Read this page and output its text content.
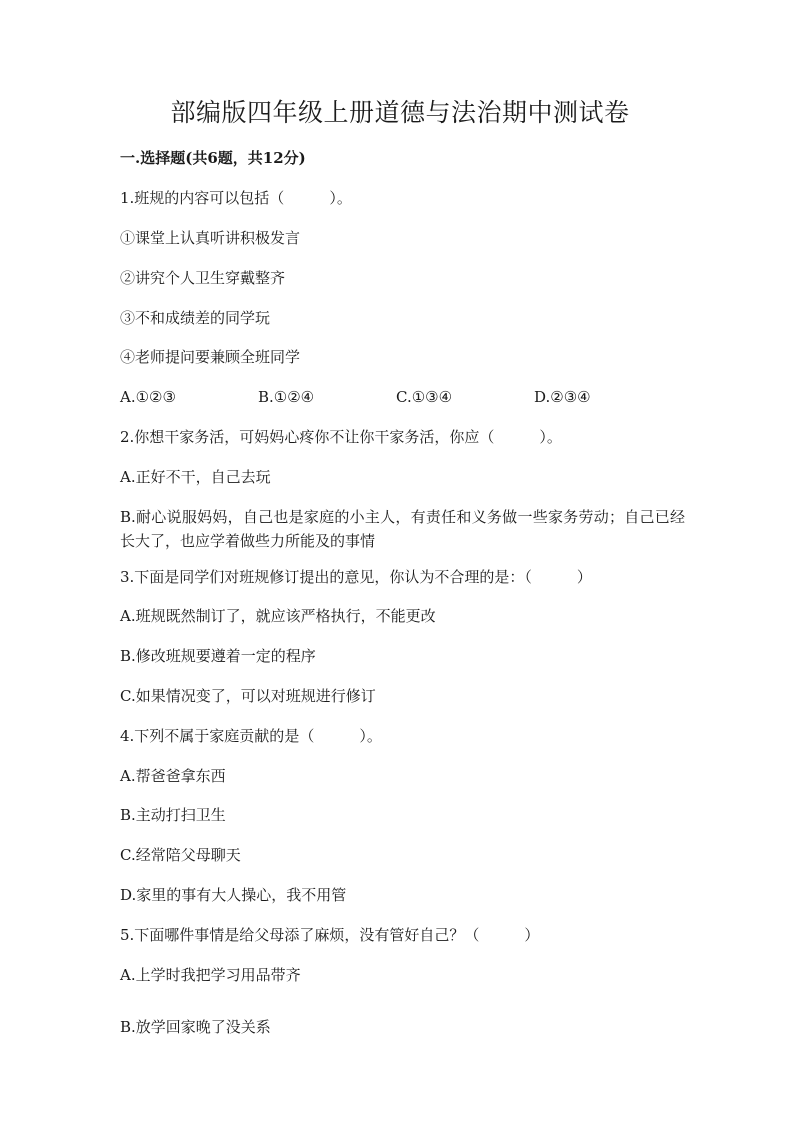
部编版四年级上册道德与法治期中测试卷
一.选择题(共6题，共12分)
1.班规的内容可以包括（　　　）。
①课堂上认真听讲积极发言
②讲究个人卫生穿戴整齐
③不和成绩差的同学玩
④老师提问要兼顾全班同学
A.①②③	B.①②④	C.①③④	D.②③④
2.你想干家务活，可妈妈心疼你不让你干家务活，你应（　　　）。
A.正好不干，自己去玩
B.耐心说服妈妈，自己也是家庭的小主人，有责任和义务做一些家务劳动；自己已经长大了，也应学着做些力所能及的事情
3.下面是同学们对班规修订提出的意见，你认为不合理的是：（　　　）
A.班规既然制订了，就应该严格执行，不能更改
B.修改班规要遵着一定的程序
C.如果情况变了，可以对班规进行修订
4.下列不属于家庭贡献的是（　　　）。
A.帮爸爸拿东西
B.主动打扫卫生
C.经常陪父母聊天
D.家里的事有大人操心，我不用管
5.下面哪件事情是给父母添了麻烦，没有管好自己？（　　　）
A.上学时我把学习用品带齐
B.放学回家晚了没关系
